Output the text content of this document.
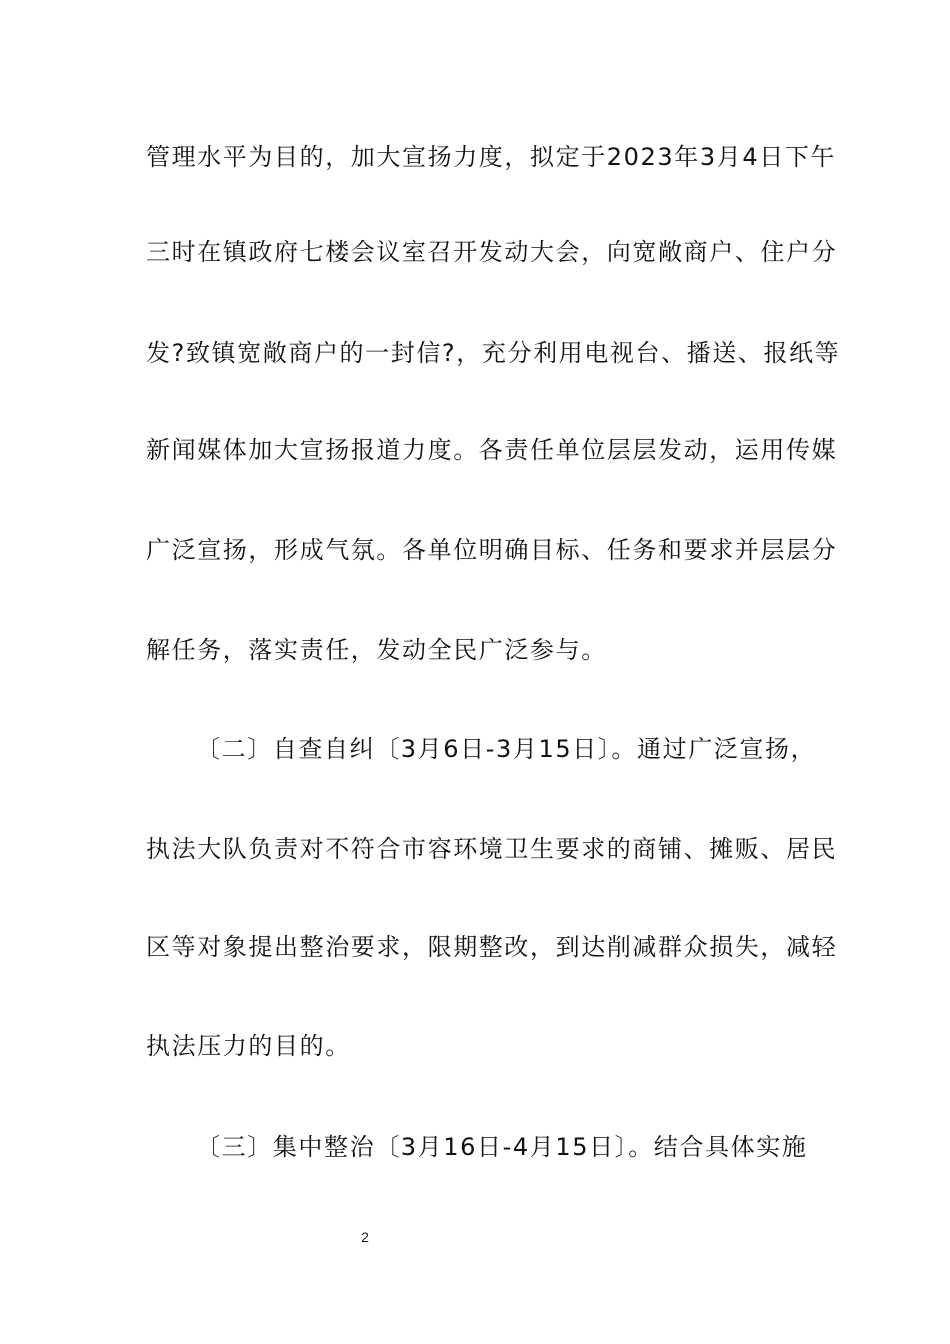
管理水平为目的，加大宣扬力度，拟定于2023年3月4日下午
三时在镇政府七楼会议室召开发动大会，向宽敞商户、住户分
发?致镇宽敞商户的一封信?，充分利用电视台、播送、报纸等
新闻媒体加大宣扬报道力度。各责任单位层层发动，运用传媒
广泛宣扬，形成气氛。各单位明确目标、任务和要求并层层分
解任务，落实责任，发动全民广泛参与。
〔二〕自查自纠〔3月6日-3月15日〕。通过广泛宣扬，
执法大队负责对不符合市容环境卫生要求的商铺、摊贩、居民
区等对象提出整治要求，限期整改，到达削减群众损失，减轻
执法压力的目的。
〔三〕集中整治〔3月16日-4月15日〕。结合具体实施
2
